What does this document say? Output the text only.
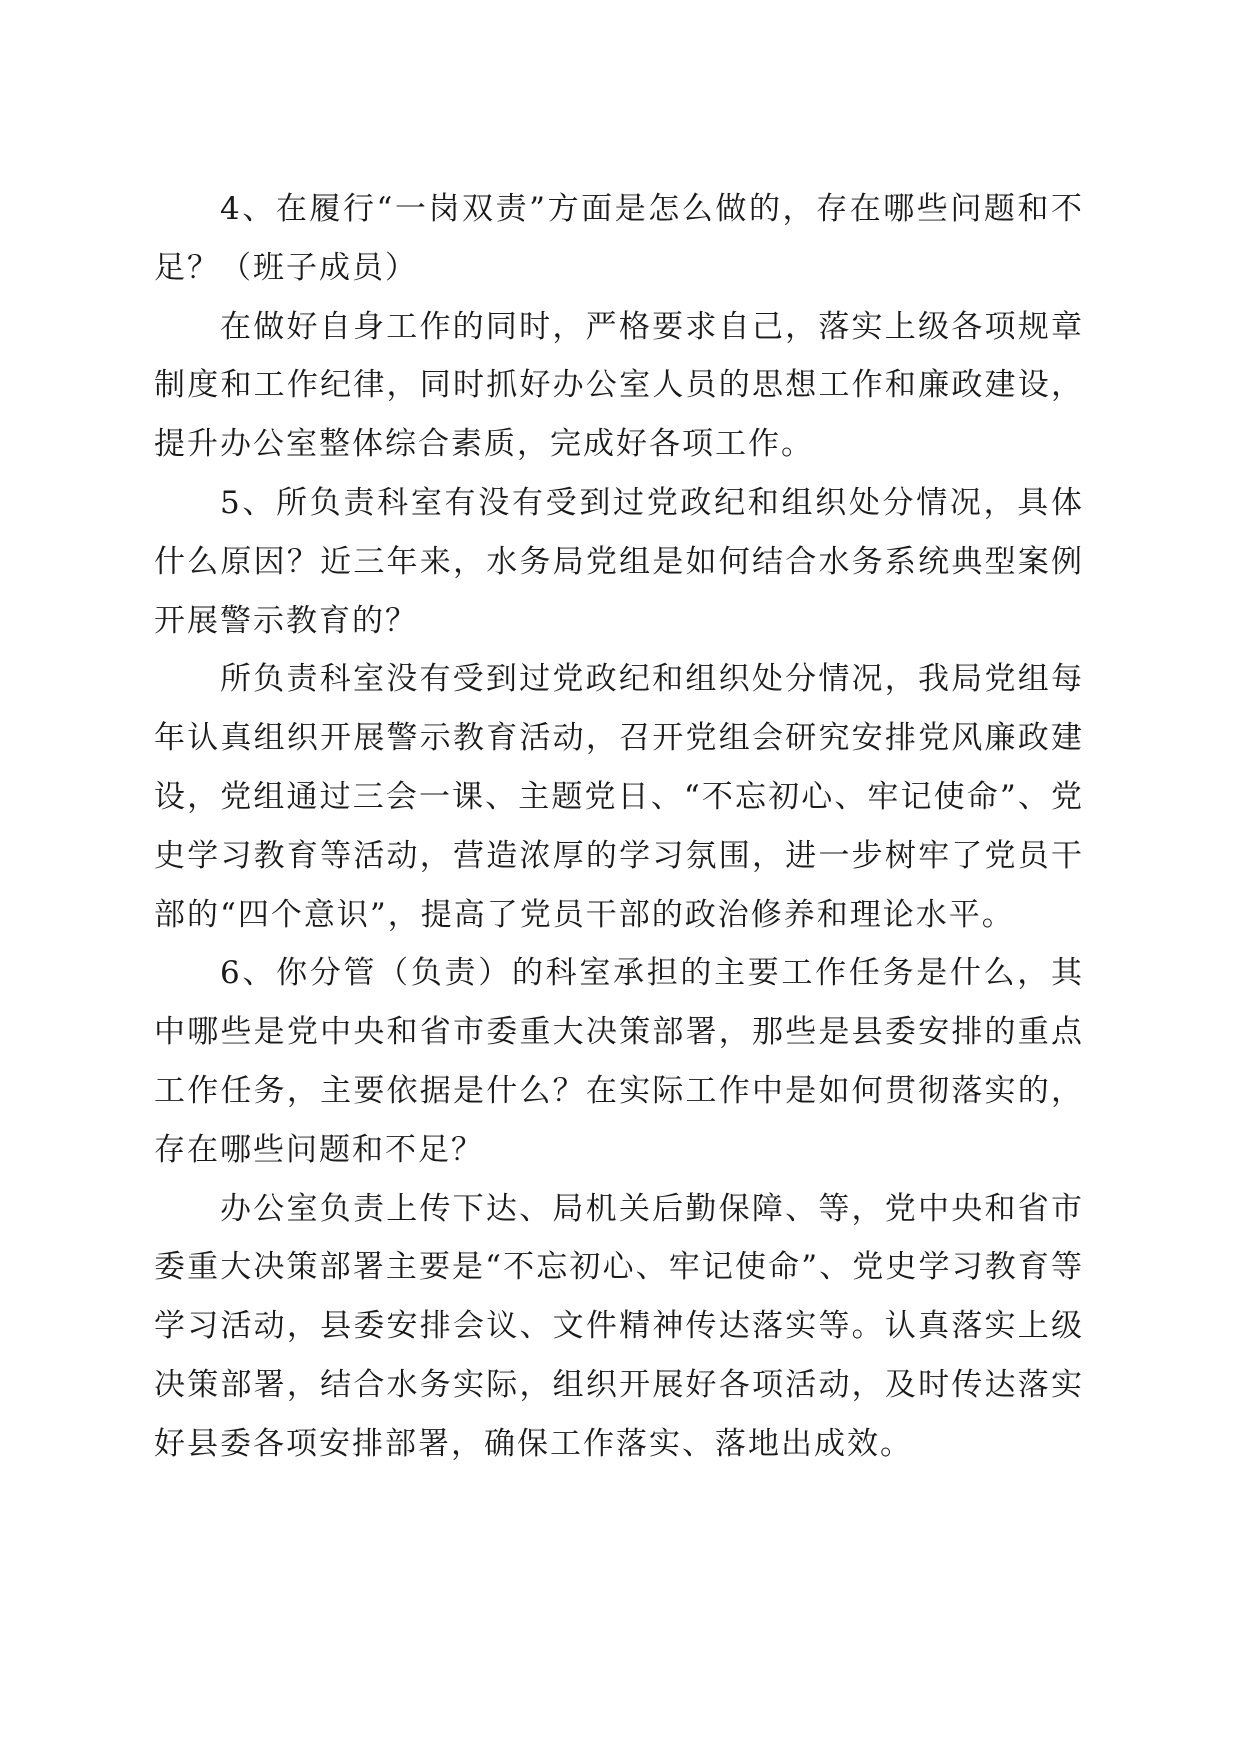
4、在履行“一岗双责”方面是怎么做的，存在哪些问题和不足？（班子成员）

在做好自身工作的同时，严格要求自己，落实上级各项规章制度和工作纪律，同时抓好办公室人员的思想工作和廉政建设，提升办公室整体综合素质，完成好各项工作。

5、所负责科室有没有受到过党政纪和组织处分情况，具体什么原因？近三年来，水务局党组是如何结合水务系统典型案例开展警示教育的？

所负责科室没有受到过党政纪和组织处分情况，我局党组每年认真组织开展警示教育活动，召开党组会研究安排党风廉政建设，党组通过三会一课、主题党日、“不忘初心、牢记使命”、党史学习教育等活动，营造浓厚的学习氛围，进一步树牢了党员干部的“四个意识”，提高了党员干部的政治修养和理论水平。

6、你分管（负责）的科室承担的主要工作任务是什么，其中哪些是党中央和省市委重大决策部署，那些是县委安排的重点工作任务，主要依据是什么？在实际工作中是如何贯彻落实的，存在哪些问题和不足？

办公室负责上传下达、局机关后勤保障、等，党中央和省市委重大决策部署主要是“不忘初心、牢记使命”、党史学习教育等学习活动，县委安排会议、文件精神传达落实等。认真落实上级决策部署，结合水务实际，组织开展好各项活动，及时传达落实好县委各项安排部署，确保工作落实、落地出成效。
